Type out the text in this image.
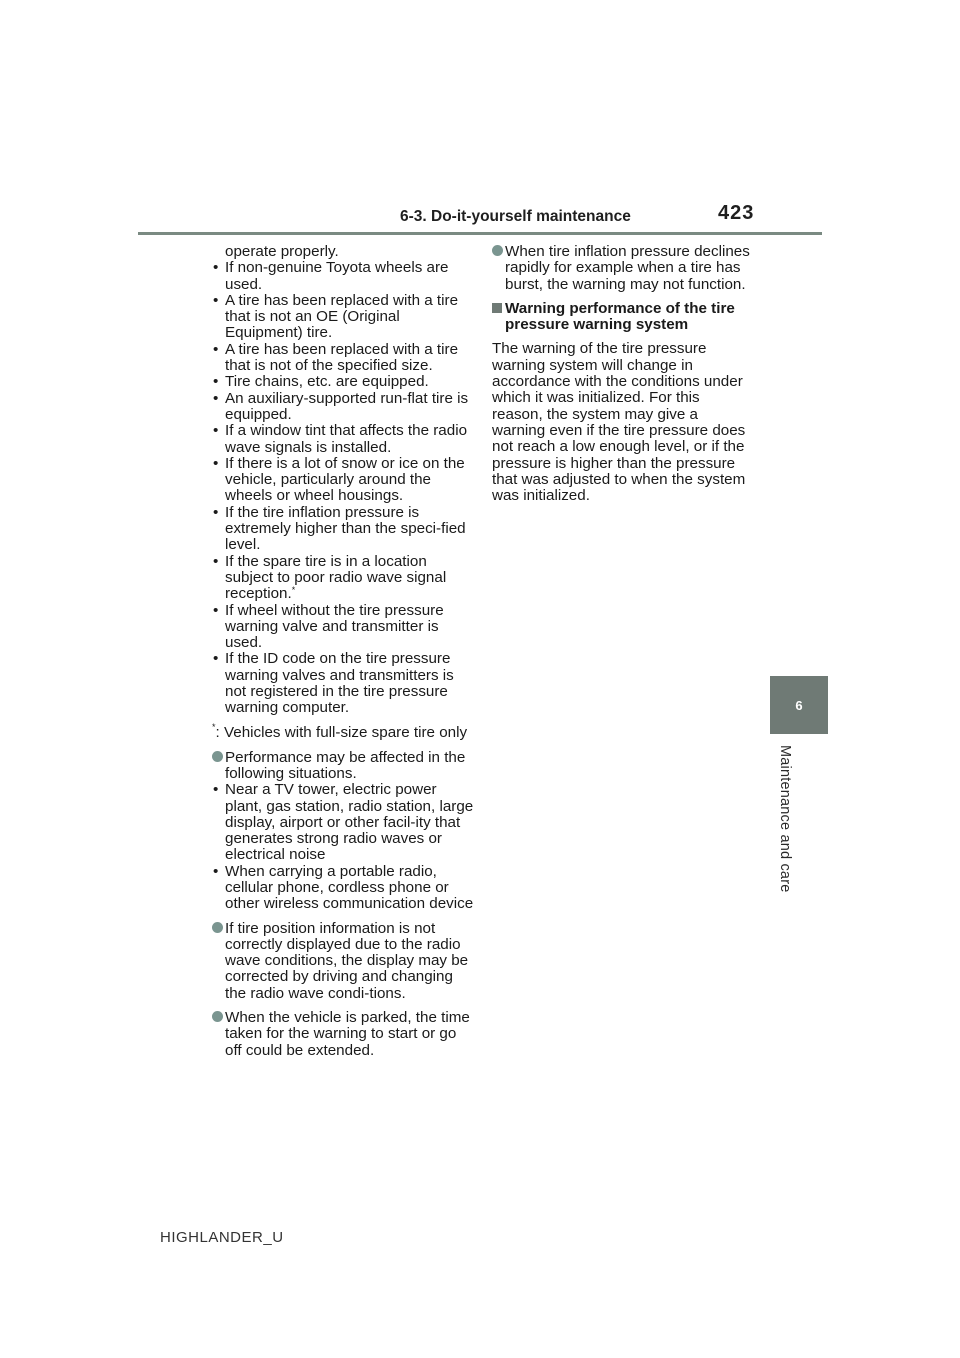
6-3. Do-it-yourself maintenance	423
6
Maintenance and care
operate properly.
• If non-genuine Toyota wheels are used.
• A tire has been replaced with a tire that is not an OE (Original Equipment) tire.
• A tire has been replaced with a tire that is not of the specified size.
• Tire chains, etc. are equipped.
• An auxiliary-supported run-flat tire is equipped.
• If a window tint that affects the radio wave signals is installed.
• If there is a lot of snow or ice on the vehicle, particularly around the wheels or wheel housings.
• If the tire inflation pressure is extremely higher than the speci-fied level.
• If the spare tire is in a location subject to poor radio wave signal reception.*
• If wheel without the tire pressure warning valve and transmitter is used.
• If the ID code on the tire pressure warning valves and transmitters is not registered in the tire pressure warning computer.
*: Vehicles with full-size spare tire only
Performance may be affected in the following situations.
• Near a TV tower, electric power plant, gas station, radio station, large display, airport or other facil-ity that generates strong radio waves or electrical noise
• When carrying a portable radio, cellular phone, cordless phone or other wireless communication device
If tire position information is not correctly displayed due to the radio wave conditions, the display may be corrected by driving and changing the radio wave condi-tions.
When the vehicle is parked, the time taken for the warning to start or go off could be extended.
When tire inflation pressure declines rapidly for example when a tire has burst, the warning may not function.
Warning performance of the tire pressure warning system
The warning of the tire pressure warning system will change in accordance with the conditions under which it was initialized. For this reason, the system may give a warning even if the tire pressure does not reach a low enough level, or if the pressure is higher than the pressure that was adjusted to when the system was initialized.
HIGHLANDER_U
